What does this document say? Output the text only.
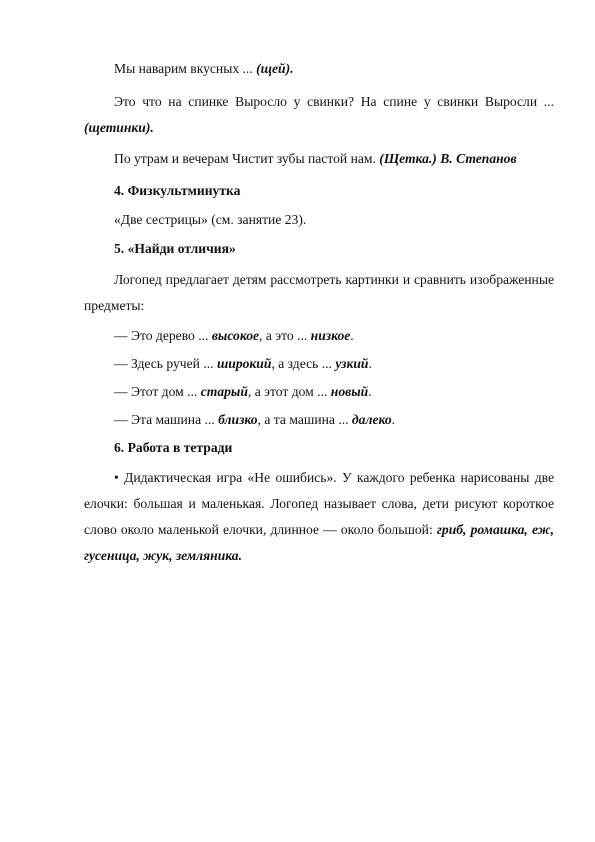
Мы наварим вкусных ... (щей).

Это что на спинке Выросло у свинки? На спине у свинки Выросли ... (щетинки).

По утрам и вечерам Чистит зубы пастой нам. (Щетка.) В. Степанов

4. Физкультминутка

«Две сестрицы» (см. занятие 23).

5. «Найди отличия»

Логопед предлагает детям рассмотреть картинки и сравнить изображенные предметы:

— Это дерево ... высокое, а это ... низкое.

— Здесь ручей ... широкий, а здесь ... узкий.

— Этот дом ... старый, а этот дом ... новый.

— Эта машина ... близко, а та машина ... далеко.

6. Работа в тетради

• Дидактическая игра «Не ошибись». У каждого ребенка нарисованы две елочки: большая и маленькая. Логопед называет слова, дети рисуют короткое слово около маленькой елочки, длинное — около большой: гриб, ромашка, еж, гусеница, жук, земляника.
